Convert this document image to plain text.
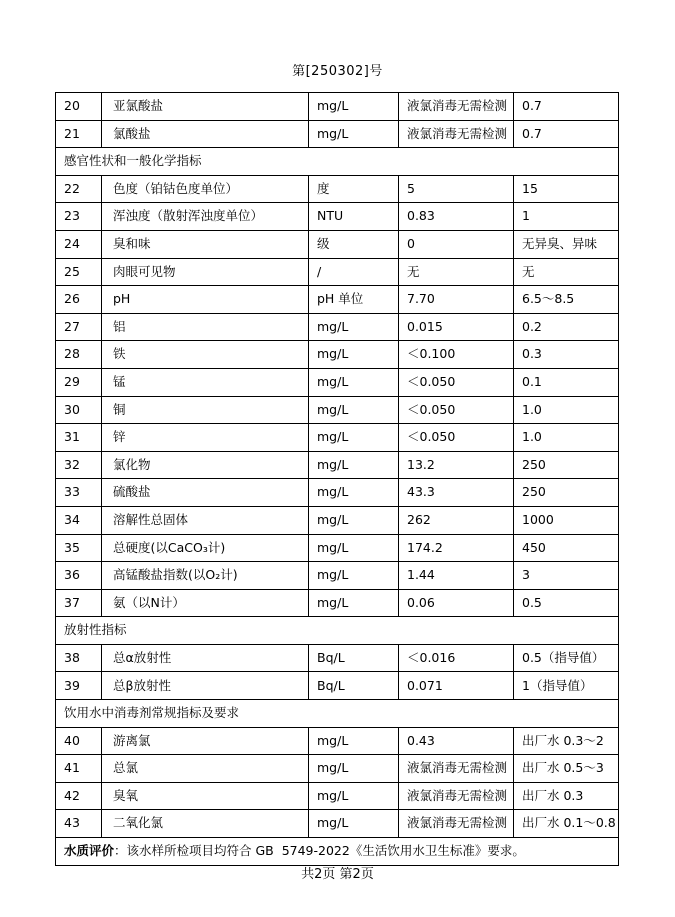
第[250302]号
20	亚氯酸盐	mg/L	液氯消毒无需检测	0.7
21	氯酸盐	mg/L	液氯消毒无需检测	0.7
感官性状和一般化学指标				
22	色度（铂钴色度单位）	度	5	15
23	浑浊度（散射浑浊度单位）	NTU	0.83	1
24	臭和味	级	0	无异臭、异味
25	肉眼可见物	/	无	无
26	pH	pH 单位	7.70	6.5～8.5
27	铝	mg/L	0.015	0.2
28	铁	mg/L	＜0.100	0.3
29	锰	mg/L	＜0.050	0.1
30	铜	mg/L	＜0.050	1.0
31	锌	mg/L	＜0.050	1.0
32	氯化物	mg/L	13.2	250
33	硫酸盐	mg/L	43.3	250
34	溶解性总固体	mg/L	262	1000
35	总硬度(以CaCO₃计)	mg/L	174.2	450
36	高锰酸盐指数(以O₂计)	mg/L	1.44	3
37	氨（以N计）	mg/L	0.06	0.5
放射性指标				
38	总α放射性	Bq/L	＜0.016	0.5（指导值）
39	总β放射性	Bq/L	0.071	1（指导值）
饮用水中消毒剂常规指标及要求				
40	游离氯	mg/L	0.43	出厂水 0.3～2
41	总氯	mg/L	液氯消毒无需检测	出厂水 0.5～3
42	臭氧	mg/L	液氯消毒无需检测	出厂水 0.3
43	二氧化氯	mg/L	液氯消毒无需检测	出厂水 0.1～0.8
水质评价：该水样所检项目均符合 GB  5749-2022《生活饮用水卫生标准》要求。				
共2页 第2页
